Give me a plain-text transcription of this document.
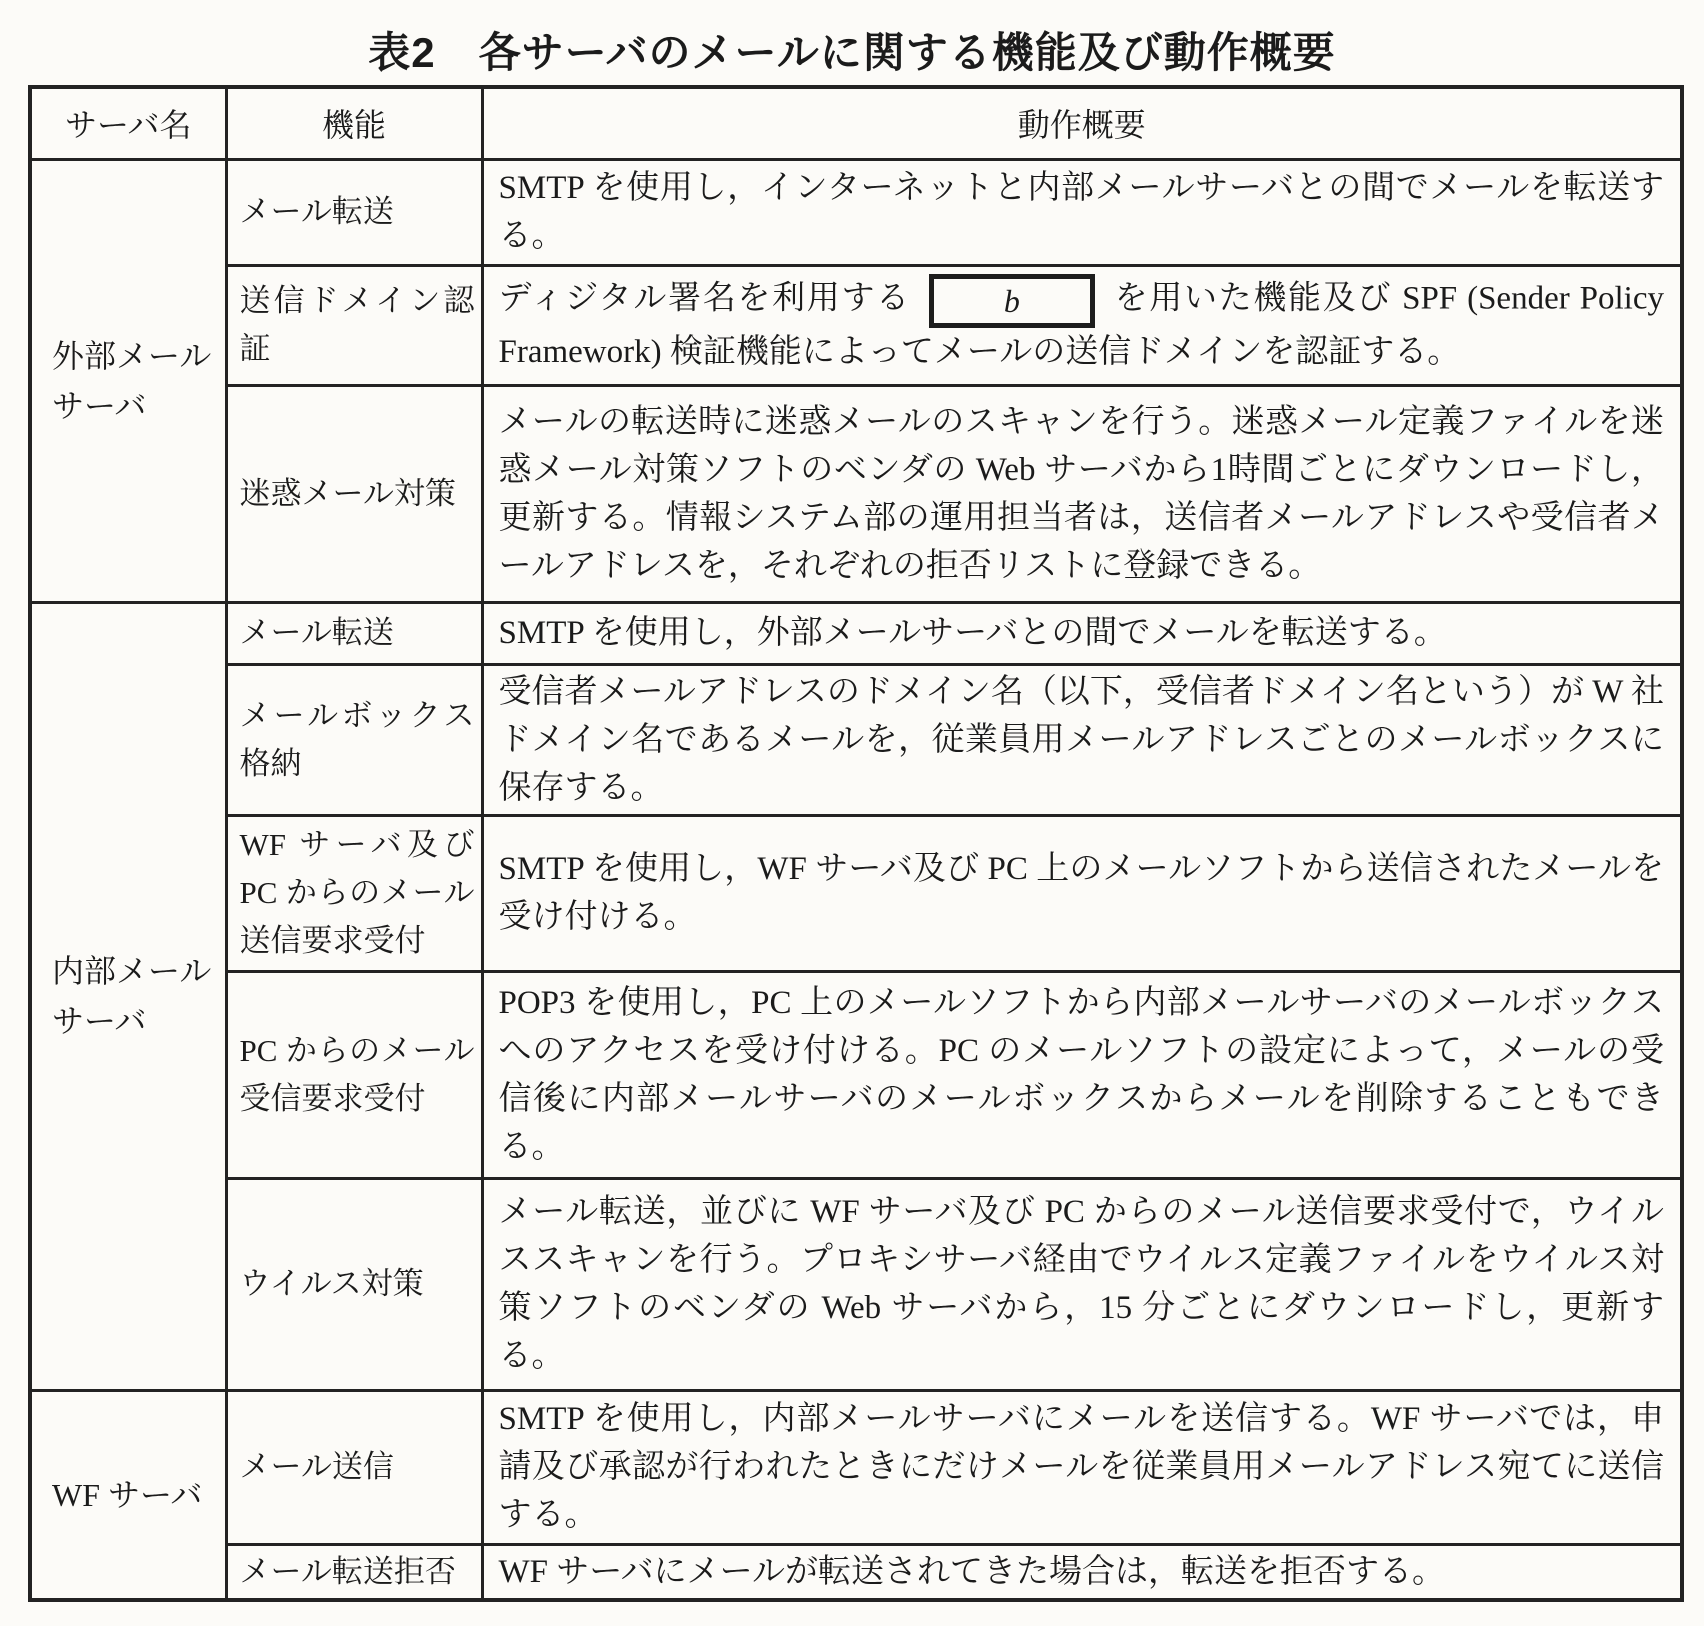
表2　各サーバのメールに関する機能及び動作概要
サーバ名	機能	動作概要
外部メール サーバ	メール転送	SMTP を使用し，インターネットと内部メールサーバとの間でメールを転送する。
	送信ドメイン認証	ディジタル署名を利用する b を用いた機能及び SPF (Sender Policy Framework) 検証機能によってメールの送信ドメインを認証する。
	迷惑メール対策	メールの転送時に迷惑メールのスキャンを行う。迷惑メール定義ファイルを迷惑メール対策ソフトのベンダの Web サーバから1時間ごとにダウンロードし，更新する。情報システム部の運用担当者は，送信者メールアドレスや受信者メールアドレスを，それぞれの拒否リストに登録できる。
内部メール サーバ	メール転送	SMTP を使用し，外部メールサーバとの間でメールを転送する。
	メールボックス格納	受信者メールアドレスのドメイン名（以下，受信者ドメイン名という）が W 社ドメイン名であるメールを，従業員用メールアドレスごとのメールボックスに保存する。
	WF サーバ及び PC からのメール送信要求受付	SMTP を使用し，WF サーバ及び PC 上のメールソフトから送信されたメールを受け付ける。
	PC からのメール受信要求受付	POP3 を使用し，PC 上のメールソフトから内部メールサーバのメールボックスへのアクセスを受け付ける。PC のメールソフトの設定によって，メールの受信後に内部メールサーバのメールボックスからメールを削除することもできる。
	ウイルス対策	メール転送，並びに WF サーバ及び PC からのメール送信要求受付で，ウイルススキャンを行う。プロキシサーバ経由でウイルス定義ファイルをウイルス対策ソフトのベンダの Web サーバから，15 分ごとにダウンロードし，更新する。
WF サーバ	メール送信	SMTP を使用し，内部メールサーバにメールを送信する。WF サーバでは，申請及び承認が行われたときにだけメールを従業員用メールアドレス宛てに送信する。
	メール転送拒否	WF サーバにメールが転送されてきた場合は，転送を拒否する。
